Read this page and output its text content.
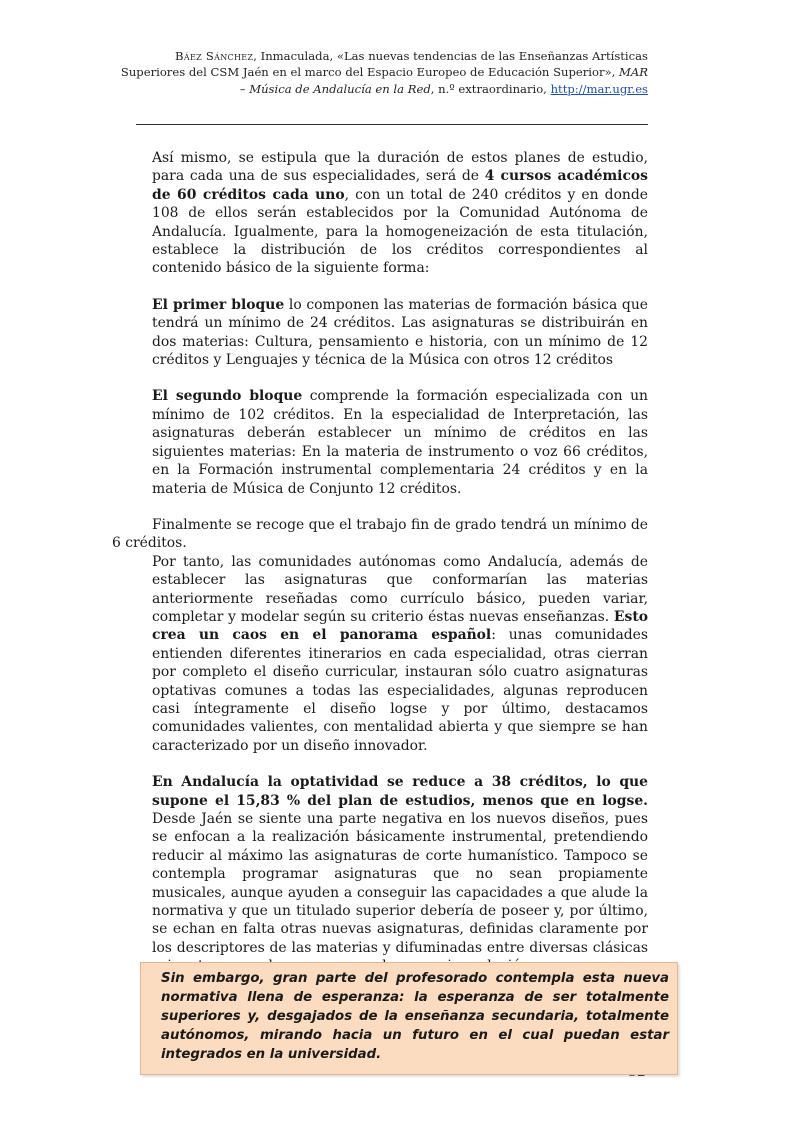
Báez Sánchez, Inmaculada, «Las nuevas tendencias de las Enseñanzas Artísticas Superiores del CSM Jaén en el marco del Espacio Europeo de Educación Superior», MAR – Música de Andalucía en la Red, n.º extraordinario, http://mar.ugr.es

Así mismo, se estipula que la duración de estos planes de estudio, para cada una de sus especialidades, será de 4 cursos académicos de 60 créditos cada uno, con un total de 240 créditos y en donde 108 de ellos serán establecidos por la Comunidad Autónoma de Andalucía. Igualmente, para la homogeneización de esta titulación, establece la distribución de los créditos correspondientes al contenido básico de la siguiente forma:

El primer bloque lo componen las materias de formación básica que tendrá un mínimo de 24 créditos. Las asignaturas se distribuirán en dos materias: Cultura, pensamiento e historia, con un mínimo de 12 créditos y Lenguajes y técnica de la Música con otros 12 créditos

El segundo bloque comprende la formación especializada con un mínimo de 102 créditos. En la especialidad de Interpretación, las asignaturas deberán establecer un mínimo de créditos en las siguientes materias: En la materia de instrumento o voz 66 créditos, en la Formación instrumental complementaria 24 créditos y en la materia de Música de Conjunto 12 créditos.

Finalmente se recoge que el trabajo fin de grado tendrá un mínimo de 6 créditos.

Por tanto, las comunidades autónomas como Andalucía, además de establecer las asignaturas que conformarían las materias anteriormente reseñadas como currículo básico, pueden variar, completar y modelar según su criterio éstas nuevas enseñanzas. Esto crea un caos en el panorama español: unas comunidades entienden diferentes itinerarios en cada especialidad, otras cierran por completo el diseño curricular, instauran sólo cuatro asignaturas optativas comunes a todas las especialidades, algunas reproducen casi íntegramente el diseño logse y por último, destacamos comunidades valientes, con mentalidad abierta y que siempre se han caracterizado por un diseño innovador.

En Andalucía la optatividad se reduce a 38 créditos, lo que supone el 15,83 % del plan de estudios, menos que en logse. Desde Jaén se siente una parte negativa en los nuevos diseños, pues se enfocan a la realización básicamente instrumental, pretendiendo reducir al máximo las asignaturas de corte humanístico. Tampoco se contempla programar asignaturas que no sean propiamente musicales, aunque ayuden a conseguir las capacidades a que alude la normativa y que un titulado superior debería de poseer y, por último, se echan en falta otras nuevas asignaturas, definidas claramente por los descriptores de las materias y difuminadas entre diversas clásicas

Sin embargo, gran parte del profesorado contempla esta nueva normativa llena de esperanza: la esperanza de ser totalmente superiores y, desgajados de la enseñanza secundaria, totalmente autónomos, mirando hacia un futuro en el cual puedan estar integrados en la universidad.
